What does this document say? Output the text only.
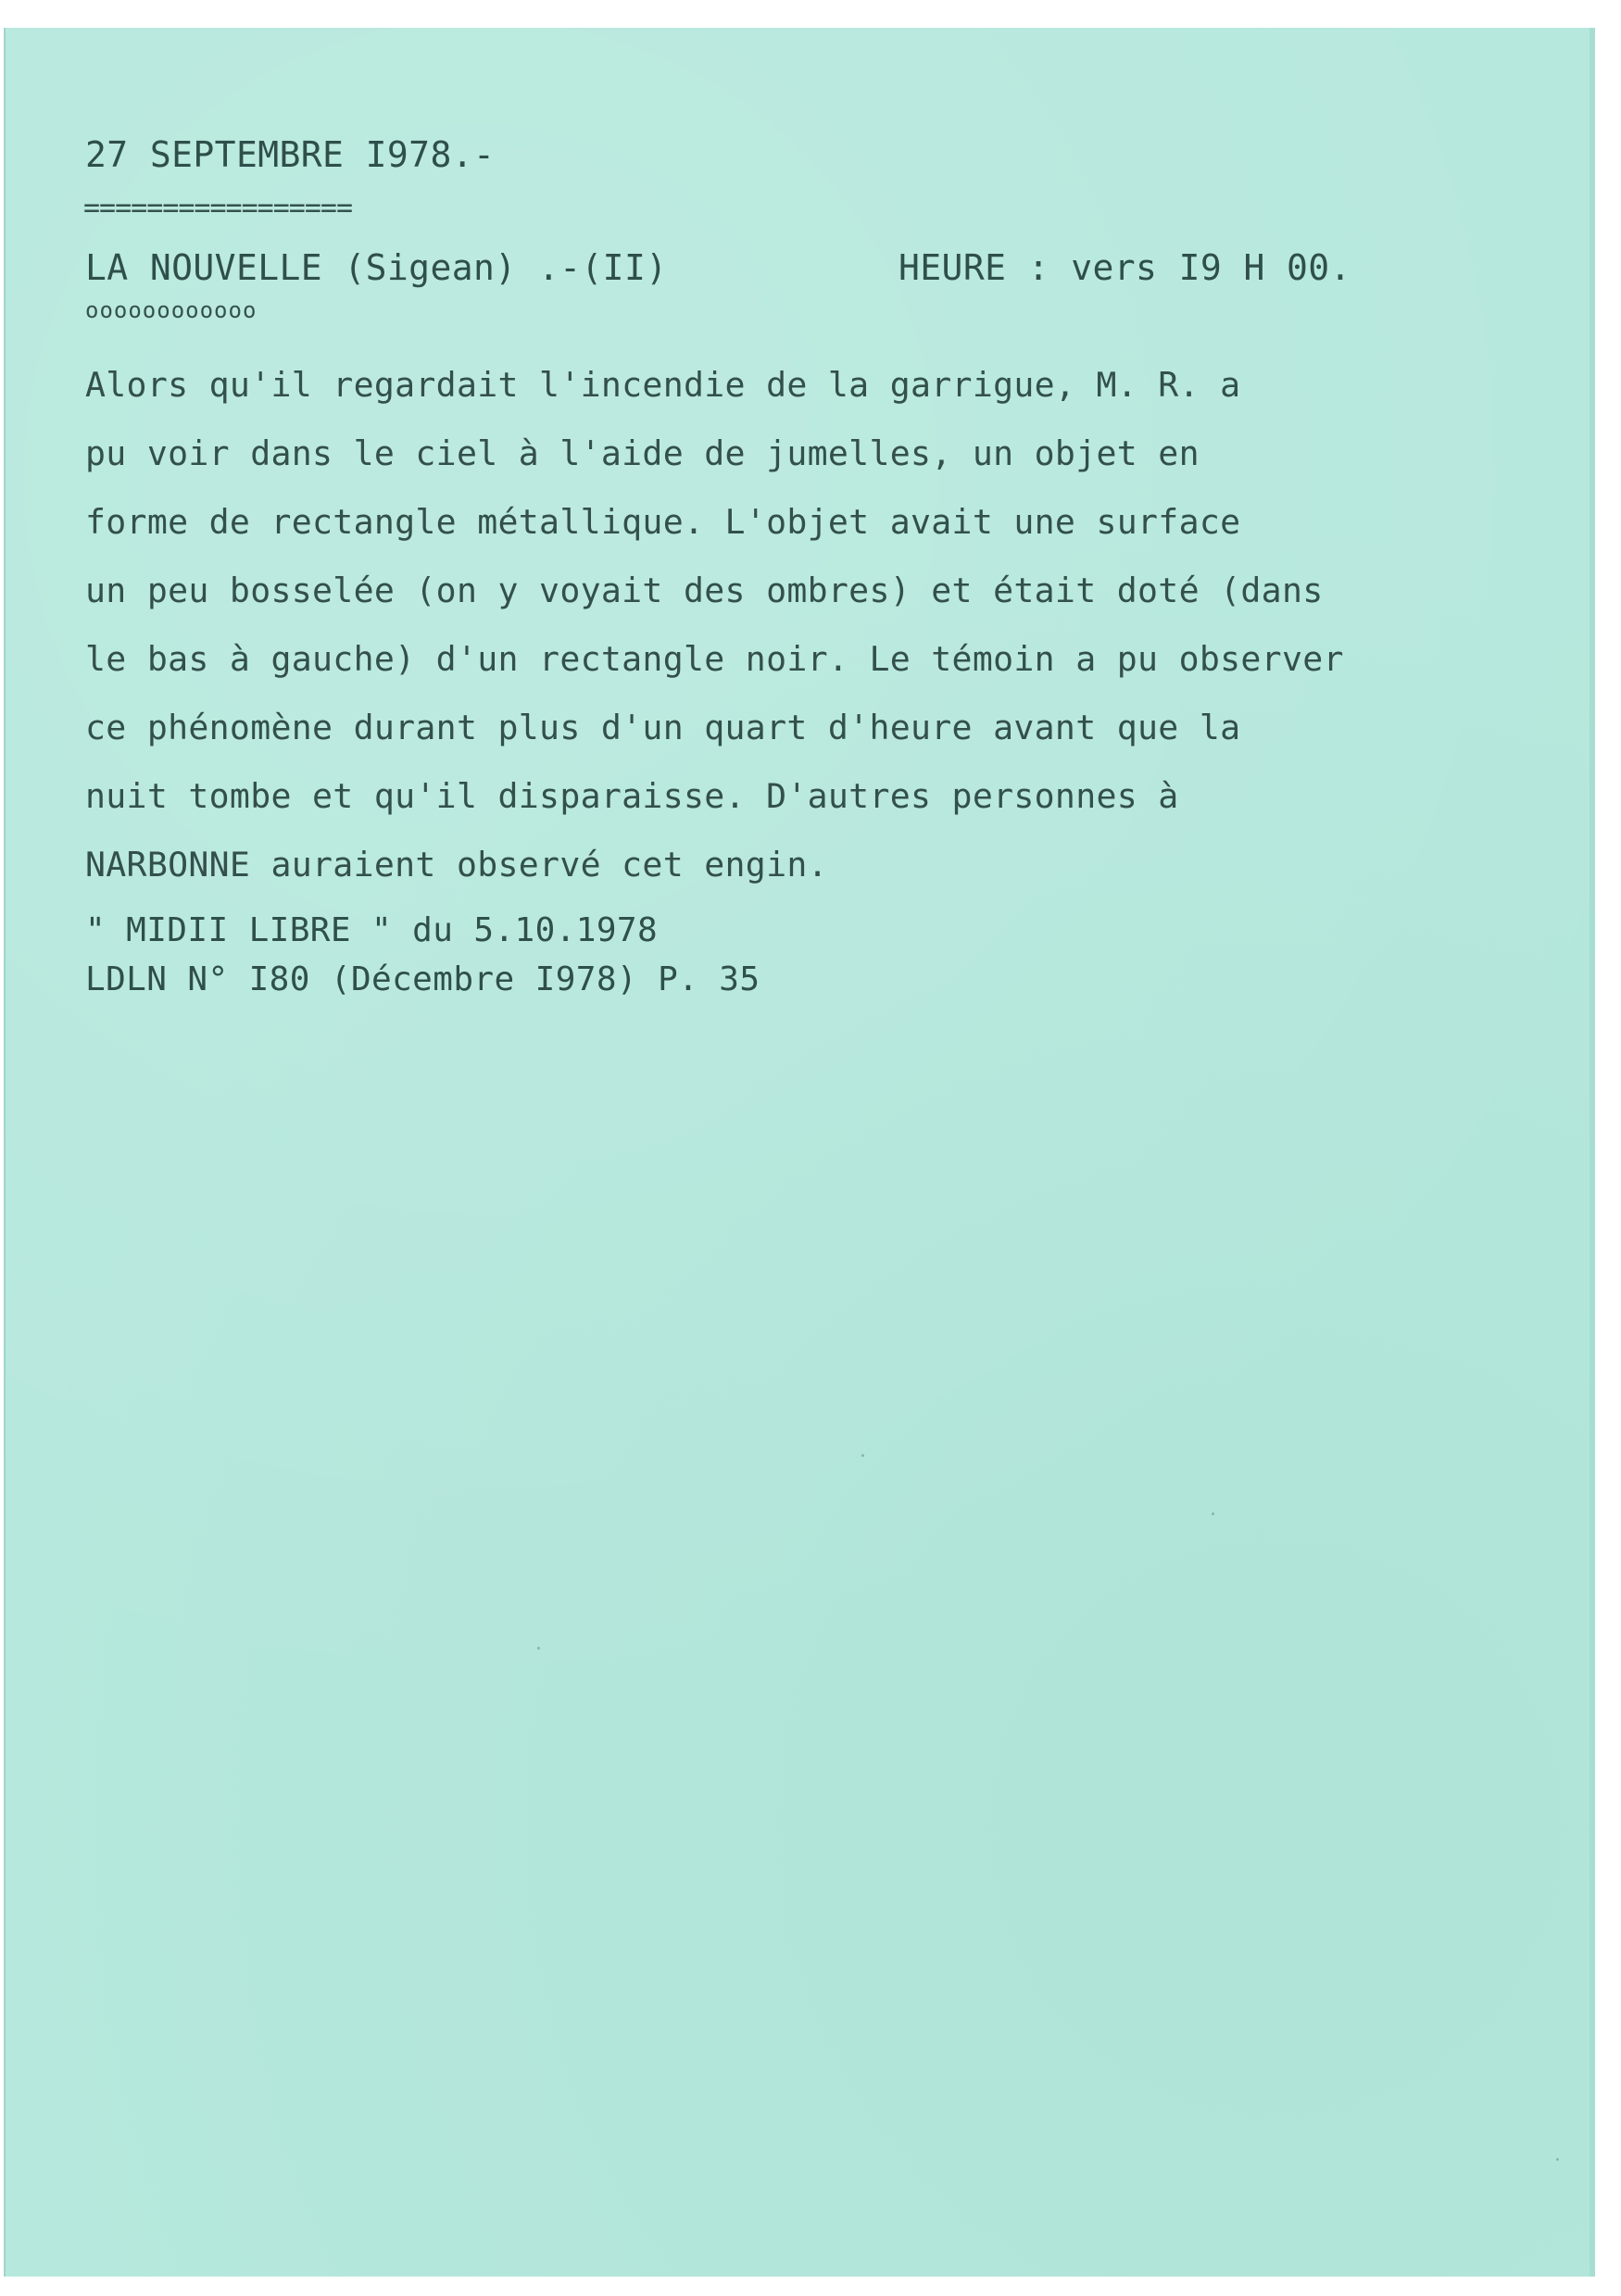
27 SEPTEMBRE I978.-

=================

LA NOUVELLE (Sigean) .-(II)	HEURE : vers I9 H 00.

oooooooooooo

Alors qu'il regardait l'incendie de la garrigue, M. R. a

pu voir dans le ciel à l'aide de jumelles, un objet en

forme de rectangle métallique. L'objet avait une surface

un peu bosselée (on y voyait des ombres) et était doté (dans

le bas à gauche) d'un rectangle noir. Le témoin a pu observer

ce phénomène durant plus d'un quart d'heure avant que la

nuit tombe et qu'il disparaisse. D'autres personnes à

NARBONNE auraient observé cet engin.

" MIDII LIBRE " du 5.10.1978

LDLN N° I80 (Décembre I978) P. 35
